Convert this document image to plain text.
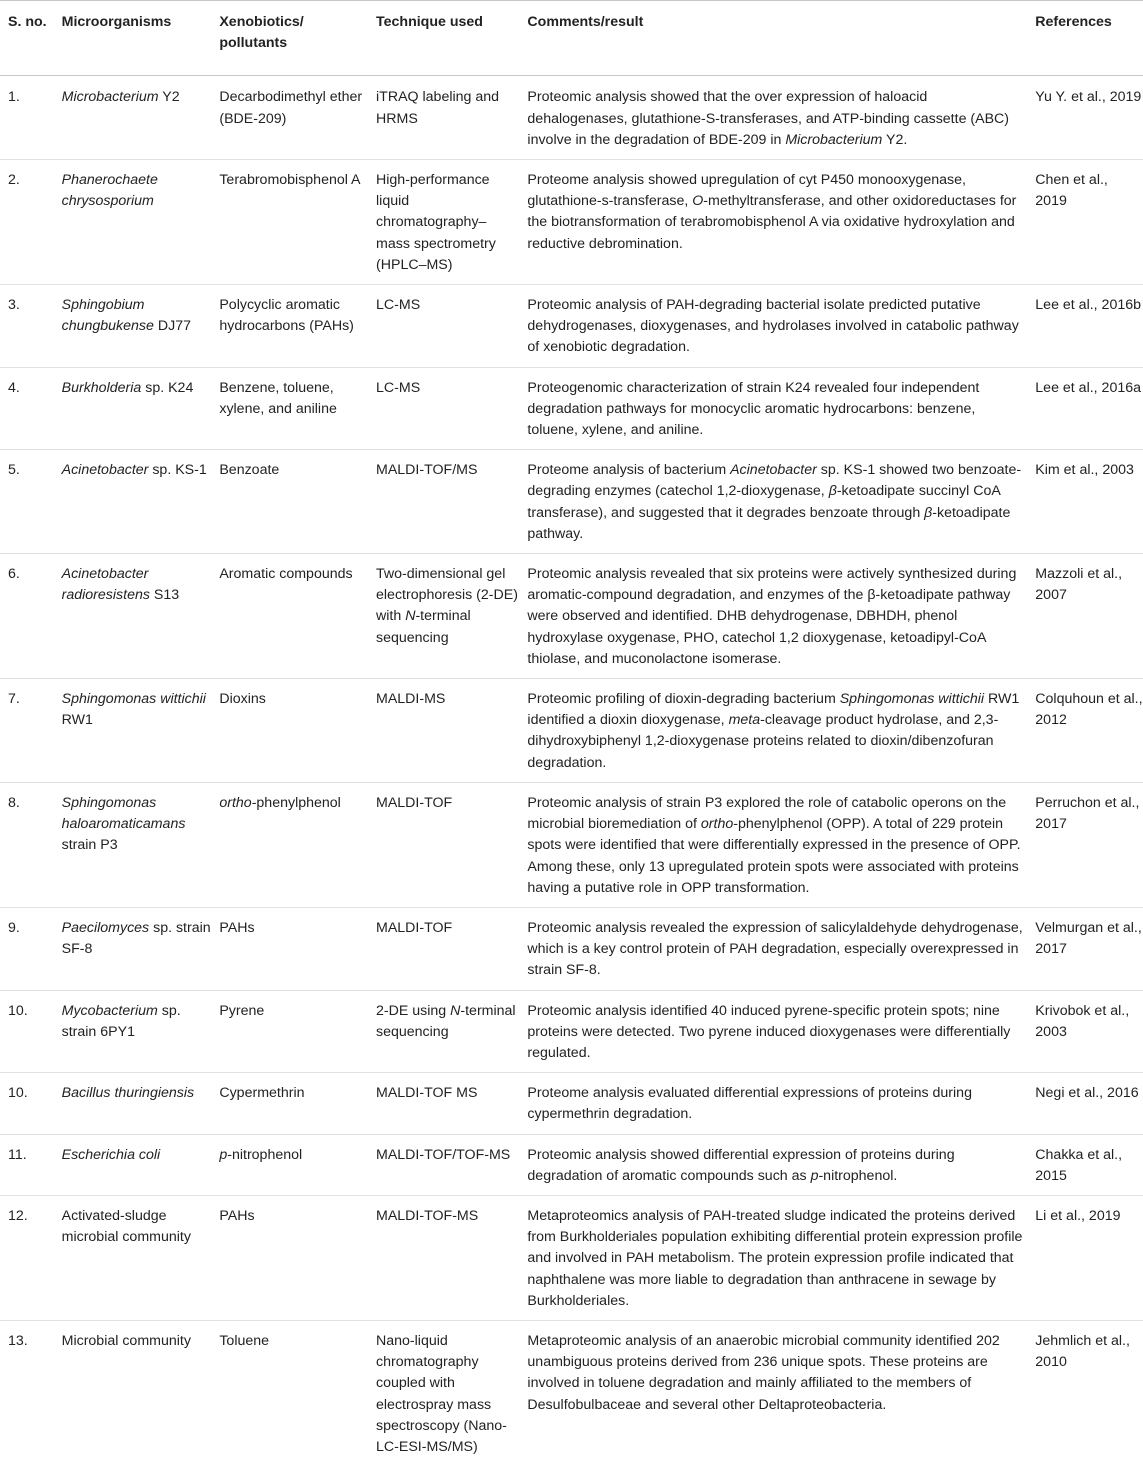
S. no.	Microorganisms	Xenobiotics/ pollutants	Technique used	Comments/result	References
1.	Microbacterium Y2	Decarbodimethyl ether (BDE-209)	iTRAQ labeling and HRMS	Proteomic analysis showed that the over expression of haloacid dehalogenases, glutathione-S-transferases, and ATP-binding cassette (ABC) involve in the degradation of BDE-209 in Microbacterium Y2.	Yu Y. et al., 2019
2.	Phanerochaete chrysosporium	Terabromobisphenol A	High-performance liquid chromatography–mass spectrometry (HPLC–MS)	Proteome analysis showed upregulation of cyt P450 monooxygenase, glutathione-s-transferase, O-methyltransferase, and other oxidoreductases for the biotransformation of terabromobisphenol A via oxidative hydroxylation and reductive debromination.	Chen et al., 2019
3.	Sphingobium chungbukense DJ77	Polycyclic aromatic hydrocarbons (PAHs)	LC-MS	Proteomic analysis of PAH-degrading bacterial isolate predicted putative dehydrogenases, dioxygenases, and hydrolases involved in catabolic pathway of xenobiotic degradation.	Lee et al., 2016b
4.	Burkholderia sp. K24	Benzene, toluene, xylene, and aniline	LC-MS	Proteogenomic characterization of strain K24 revealed four independent degradation pathways for monocyclic aromatic hydrocarbons: benzene, toluene, xylene, and aniline.	Lee et al., 2016a
5.	Acinetobacter sp. KS-1	Benzoate	MALDI-TOF/MS	Proteome analysis of bacterium Acinetobacter sp. KS-1 showed two benzoate-degrading enzymes (catechol 1,2-dioxygenase, β-ketoadipate succinyl CoA transferase), and suggested that it degrades benzoate through β-ketoadipate pathway.	Kim et al., 2003
6.	Acinetobacter radioresistens S13	Aromatic compounds	Two-dimensional gel electrophoresis (2-DE) with N-terminal sequencing	Proteomic analysis revealed that six proteins were actively synthesized during aromatic-compound degradation, and enzymes of the β-ketoadipate pathway were observed and identified. DHB dehydrogenase, DBHDH, phenol hydroxylase oxygenase, PHO, catechol 1,2 dioxygenase, ketoadipyl-CoA thiolase, and muconolactone isomerase.	Mazzoli et al., 2007
7.	Sphingomonas wittichii RW1	Dioxins	MALDI-MS	Proteomic profiling of dioxin-degrading bacterium Sphingomonas wittichii RW1 identified a dioxin dioxygenase, meta-cleavage product hydrolase, and 2,3-dihydroxybiphenyl 1,2-dioxygenase proteins related to dioxin/dibenzofuran degradation.	Colquhoun et al., 2012
8.	Sphingomonas haloaromaticamans strain P3	ortho-phenylphenol	MALDI-TOF	Proteomic analysis of strain P3 explored the role of catabolic operons on the microbial bioremediation of ortho-phenylphenol (OPP). A total of 229 protein spots were identified that were differentially expressed in the presence of OPP. Among these, only 13 upregulated protein spots were associated with proteins having a putative role in OPP transformation.	Perruchon et al., 2017
9.	Paecilomyces sp. strain SF-8	PAHs	MALDI-TOF	Proteomic analysis revealed the expression of salicylaldehyde dehydrogenase, which is a key control protein of PAH degradation, especially overexpressed in strain SF-8.	Velmurgan et al., 2017
10.	Mycobacterium sp. strain 6PY1	Pyrene	2-DE using N-terminal sequencing	Proteomic analysis identified 40 induced pyrene-specific protein spots; nine proteins were detected. Two pyrene induced dioxygenases were differentially regulated.	Krivobok et al., 2003
10.	Bacillus thuringiensis	Cypermethrin	MALDI-TOF MS	Proteome analysis evaluated differential expressions of proteins during cypermethrin degradation.	Negi et al., 2016
11.	Escherichia coli	p-nitrophenol	MALDI-TOF/TOF-MS	Proteomic analysis showed differential expression of proteins during degradation of aromatic compounds such as p-nitrophenol.	Chakka et al., 2015
12.	Activated-sludge microbial community	PAHs	MALDI-TOF-MS	Metaproteomics analysis of PAH-treated sludge indicated the proteins derived from Burkholderiales population exhibiting differential protein expression profile and involved in PAH metabolism. The protein expression profile indicated that naphthalene was more liable to degradation than anthracene in sewage by Burkholderiales.	Li et al., 2019
13.	Microbial community	Toluene	Nano-liquid chromatography coupled with electrospray mass spectroscopy (Nano-LC-ESI-MS/MS)	Metaproteomic analysis of an anaerobic microbial community identified 202 unambiguous proteins derived from 236 unique spots. These proteins are involved in toluene degradation and mainly affiliated to the members of Desulfobulbaceae and several other Deltaproteobacteria.	Jehmlich et al., 2010
